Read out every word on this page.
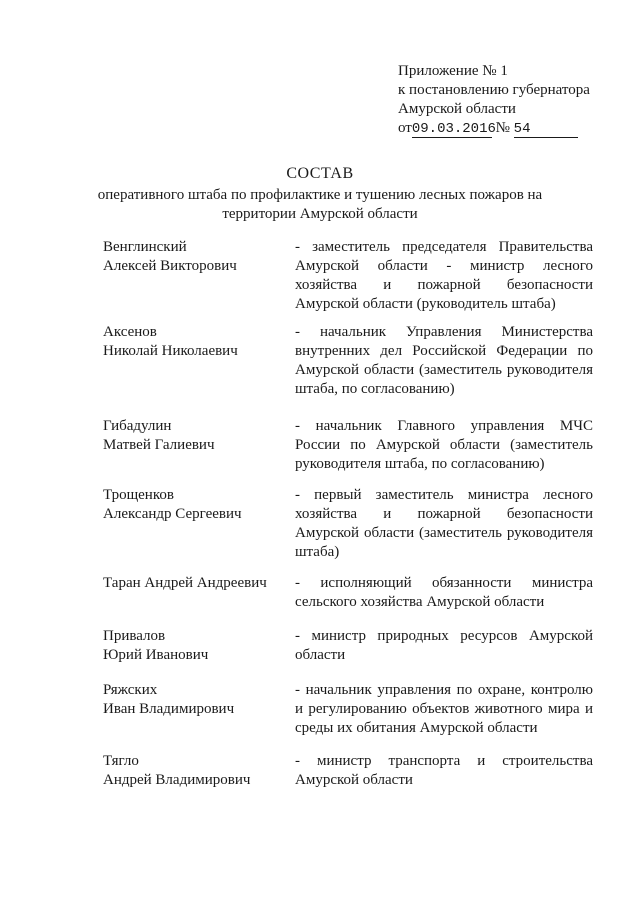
Приложение № 1
к постановлению губернатора
Амурской области
от09.03.2016 № 54
СОСТАВ
оперативного штаба по профилактике и тушению лесных пожаров на
территории Амурской области
Венглинский
Алексей Викторович
- заместитель председателя Правительства Амурской области - министр лесного хозяйства и пожарной безопасности Амурской области (руководитель штаба)
Аксенов
Николай Николаевич
- начальник Управления Министерства внутренних дел Российской Федерации по Амурской области (заместитель руководителя штаба, по согласованию)
Гибадулин
Матвей Галиевич
- начальник Главного управления МЧС России по Амурской области (заместитель руководителя штаба, по согласованию)
Трощенков
Александр Сергеевич
- первый заместитель министра лесного хозяйства и пожарной безопасности Амурской области (заместитель руководителя штаба)
Таран Андрей Андреевич	- исполняющий обязанности министра сельского хозяйства Амурской области
Привалов
Юрий Иванович
- министр природных ресурсов Амурской области
Ряжских
Иван Владимирович
- начальник управления по охране, контролю и регулированию объектов животного мира и среды их обитания Амурской области
Тягло
Андрей Владимирович
- министр транспорта и строительства Амурской области
